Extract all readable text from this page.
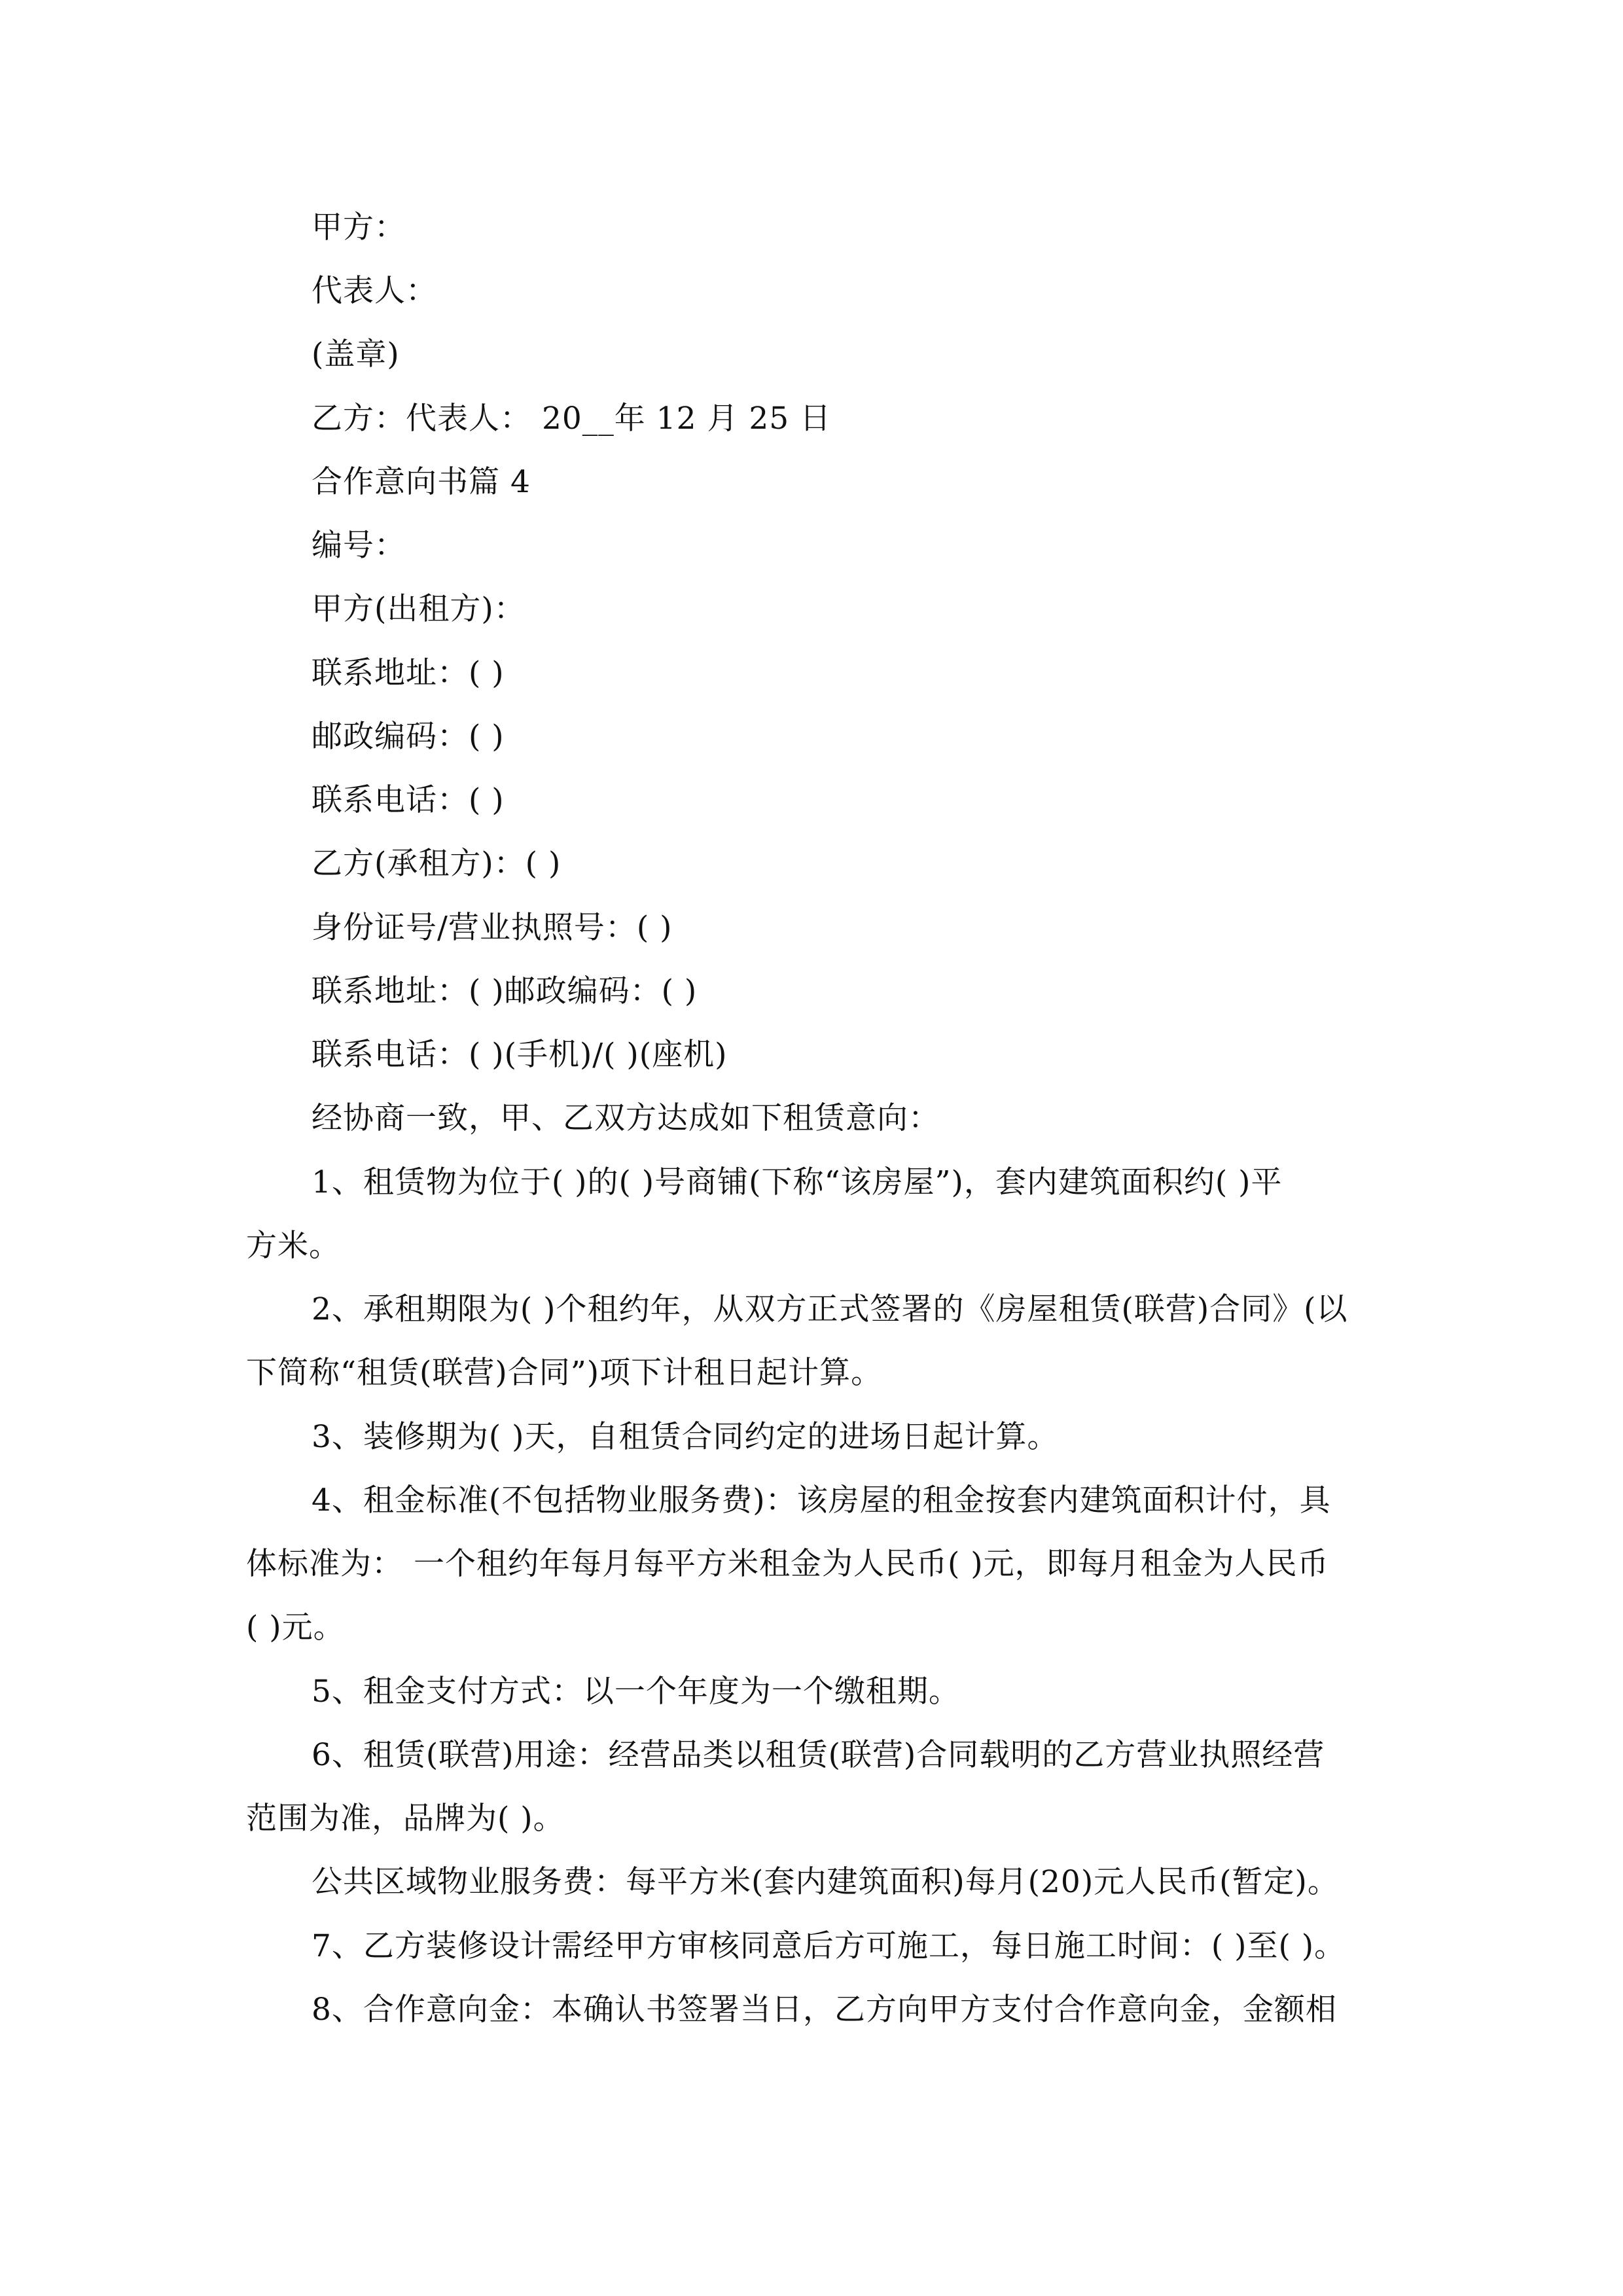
甲方：
代表人：
(盖章)
乙方：代表人： 20__年 12 月 25 日
合作意向书篇 4
编号：
甲方(出租方)：
联系地址：( )
邮政编码：( )
联系电话：( )
乙方(承租方)：( )
身份证号/营业执照号：( )
联系地址：( )邮政编码：( )
联系电话：( )(手机)/( )(座机)
经协商一致，甲、乙双方达成如下租赁意向：
1、租赁物为位于( )的( )号商铺(下称“该房屋”)，套内建筑面积约( )平
方米。
2、承租期限为( )个租约年，从双方正式签署的《房屋租赁(联营)合同》(以
下简称“租赁(联营)合同”)项下计租日起计算。
3、装修期为( )天，自租赁合同约定的进场日起计算。
4、租金标准(不包括物业服务费)：该房屋的租金按套内建筑面积计付，具
体标准为： 一个租约年每月每平方米租金为人民币( )元，即每月租金为人民币
( )元。
5、租金支付方式：以一个年度为一个缴租期。
6、租赁(联营)用途：经营品类以租赁(联营)合同载明的乙方营业执照经营
范围为准，品牌为( )。
公共区域物业服务费：每平方米(套内建筑面积)每月(20)元人民币(暂定)。
7、乙方装修设计需经甲方审核同意后方可施工，每日施工时间：( )至( )。
8、合作意向金：本确认书签署当日，乙方向甲方支付合作意向金，金额相
